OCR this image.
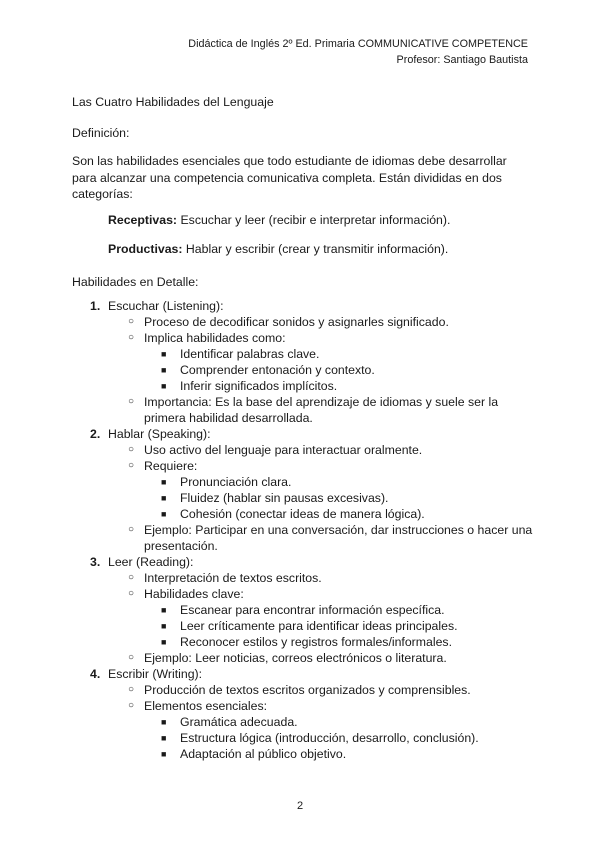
Didáctica de Inglés 2º Ed. Primaria COMMUNICATIVE COMPETENCE
Profesor: Santiago Bautista
Las Cuatro Habilidades del Lenguaje
Definición:
Son las habilidades esenciales que todo estudiante de idiomas debe desarrollar para alcanzar una competencia comunicativa completa. Están divididas en dos categorías:
Receptivas: Escuchar y leer (recibir e interpretar información).
Productivas: Hablar y escribir (crear y transmitir información).
Habilidades en Detalle:
1. Escuchar (Listening):
○ Proceso de decodificar sonidos y asignarles significado.
○ Implica habilidades como:
■ Identificar palabras clave.
■ Comprender entonación y contexto.
■ Inferir significados implícitos.
○ Importancia: Es la base del aprendizaje de idiomas y suele ser la primera habilidad desarrollada.
2. Hablar (Speaking):
○ Uso activo del lenguaje para interactuar oralmente.
○ Requiere:
■ Pronunciación clara.
■ Fluidez (hablar sin pausas excesivas).
■ Cohesión (conectar ideas de manera lógica).
○ Ejemplo: Participar en una conversación, dar instrucciones o hacer una presentación.
3. Leer (Reading):
○ Interpretación de textos escritos.
○ Habilidades clave:
■ Escanear para encontrar información específica.
■ Leer críticamente para identificar ideas principales.
■ Reconocer estilos y registros formales/informales.
○ Ejemplo: Leer noticias, correos electrónicos o literatura.
4. Escribir (Writing):
○ Producción de textos escritos organizados y comprensibles.
○ Elementos esenciales:
■ Gramática adecuada.
■ Estructura lógica (introducción, desarrollo, conclusión).
■ Adaptación al público objetivo.
2
